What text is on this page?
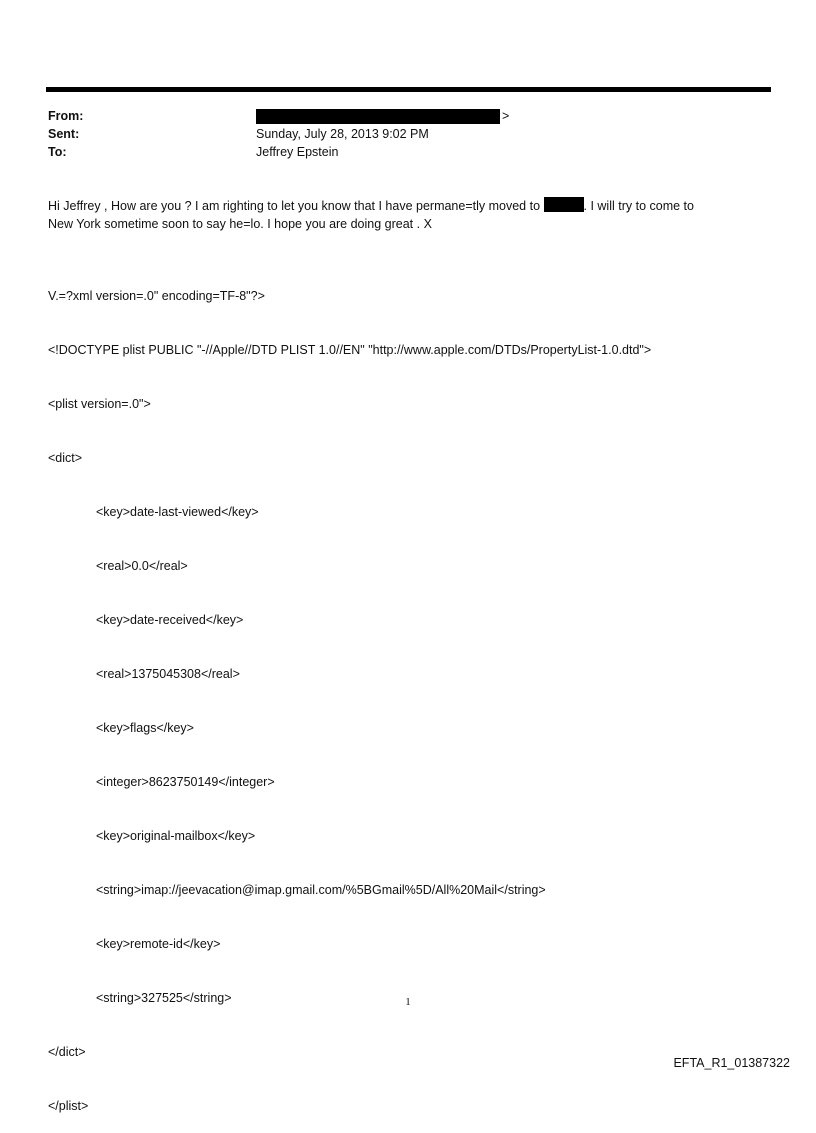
From:	>
Sent:	Sunday, July 28, 2013 9:02 PM
To:	Jeffrey Epstein
Hi Jeffrey , How are you ? I am righting to let you know that I have permane=tly moved to	. I will try to come to
New York sometime soon to say he=lo. I hope you are doing great . X

V.=?xml version=.0" encoding=TF-8"?>

<!DOCTYPE plist PUBLIC "-//Apple//DTD PLIST 1.0//EN" "http://www.apple.com/DTDs/PropertyList-1.0.dtd">

<plist version=.0">

<dict>

<key>date-last-viewed</key>

<real>0.0</real>

<key>date-received</key>

<real>1375045308</real>

<key>flags</key>

<integer>8623750149</integer>

<key>original-mailbox</key>

<string>imap://jeevacation@imap.gmail.com/%5BGmail%5D/All%20Mail</string>

<key>remote-id</key>

<string>327525</string>

</dict>

</plist>

1
EFTA_R1_01387322
